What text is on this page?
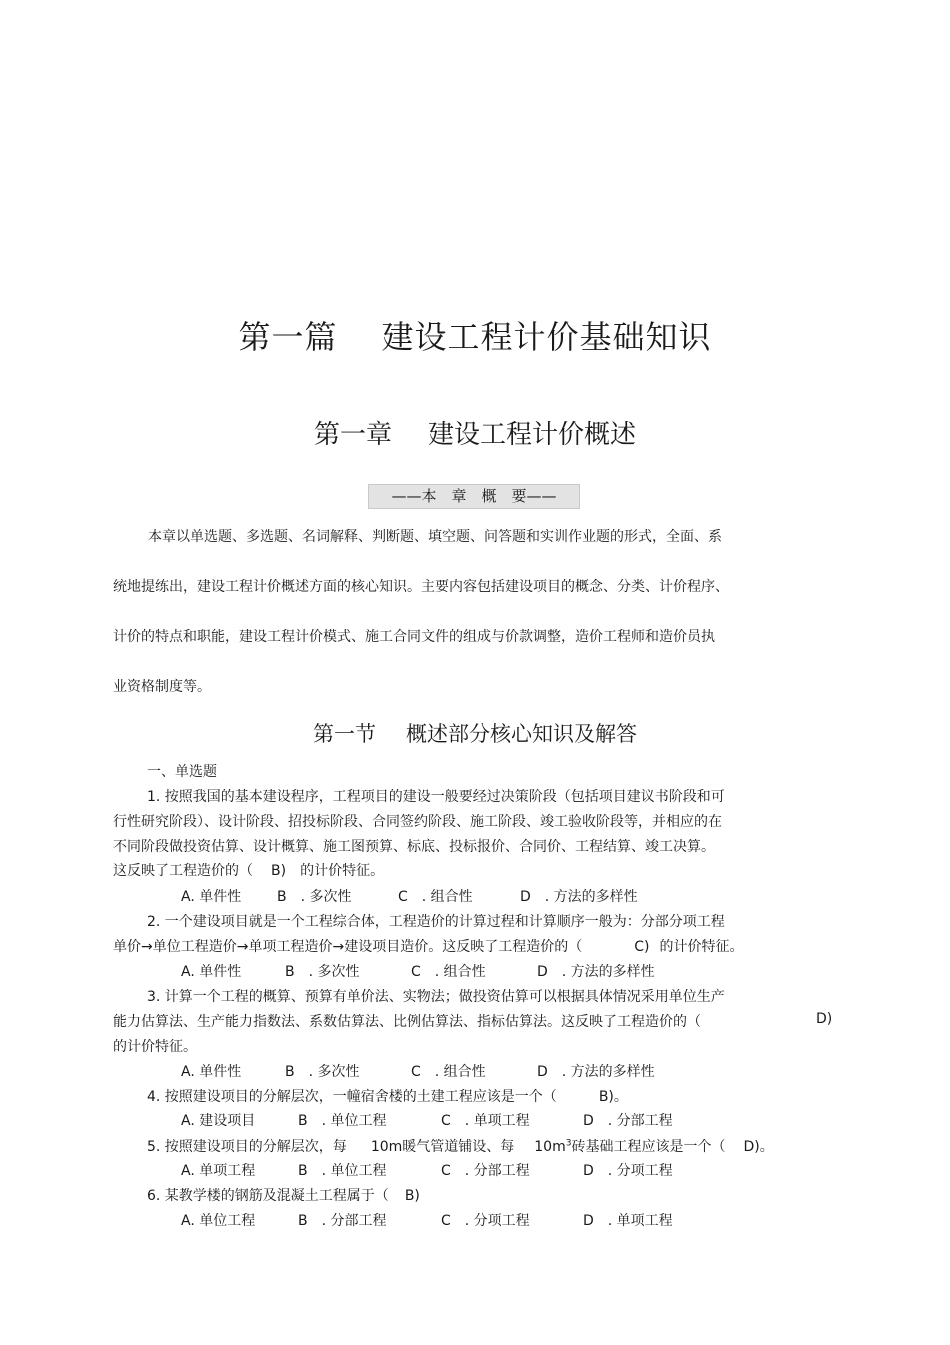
第一篇 建设工程计价基础知识
第一章 建设工程计价概述
——本　章　概　要——
本章以单选题、多选题、名词解释、判断题、填空题、问答题和实训作业题的形式，全面、系
统地提练出，建设工程计价概述方面的核心知识。主要内容包括建设项目的概念、分类、计价程序、
计价的特点和职能，建设工程计价模式、施工合同文件的组成与价款调整，造价工程师和造价员执
业资格制度等。
第一节 概述部分核心知识及解答
一、单选题
1. 按照我国的基本建设程序，工程项目的建设一般要经过决策阶段（包括项目建议书阶段和可
行性研究阶段）、设计阶段、招投标阶段、合同签约阶段、施工阶段、竣工验收阶段等，并相应的在
不同阶段做投资估算、设计概算、施工图预算、标底、投标报价、合同价、工程结算、竣工决算。
这反映了工程造价的（ B) 的计价特征。
A. 单件性	B　. 多次性	C　. 组合性	D　. 方法的多样性
2. 一个建设项目就是一个工程综合体，工程造价的计算过程和计算顺序一般为：分部分项工程
单价→单位工程造价→单项工程造价→建设项目造价。这反映了工程造价的（	C) 的计价特征。
A. 单件性	B　. 多次性	C　. 组合性	D　. 方法的多样性
3. 计算一个工程的概算、预算有单价法、实物法；做投资估算可以根据具体情况采用单位生产
能力估算法、生产能力指数法、系数估算法、比例估算法、指标估算法。这反映了工程造价的（	D)
的计价特征。
A. 单件性	B　. 多次性	C　. 组合性	D　. 方法的多样性
4. 按照建设项目的分解层次，一幢宿舍楼的土建工程应该是一个（	B)。
A. 建设项目	B　. 单位工程	C　. 单项工程	D　. 分部工程
5. 按照建设项目的分解层次，每 10m暖气管道铺设、每 $10m^3$砖基础工程应该是一个（ D)。
A. 单项工程	B　. 单位工程	C　. 分部工程	D　. 分项工程
6. 某教学楼的钢筋及混凝土工程属于（ B)
A. 单位工程	B　. 分部工程	C　. 分项工程	D　. 单项工程
